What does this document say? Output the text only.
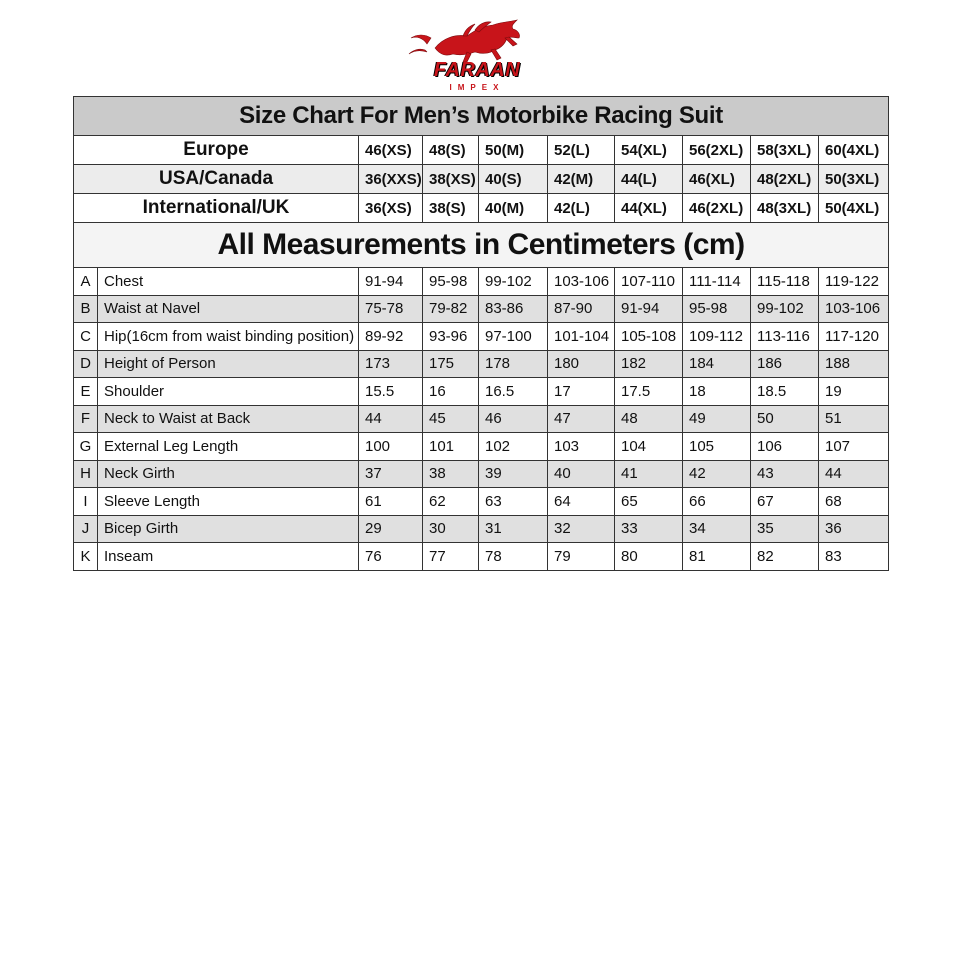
FARAAN
IMPEX
Size Chart For Men’s Motorbike Racing Suit									
Europe		46(XS)	48(S)	50(M)	52(L)	54(XL)	56(2XL)	58(3XL)	60(4XL)
USA/Canada		36(XXS)	38(XS)	40(S)	42(M)	44(L)	46(XL)	48(2XL)	50(3XL)
International/UK		36(XS)	38(S)	40(M)	42(L)	44(XL)	46(2XL)	48(3XL)	50(4XL)
All Measurements in Centimeters (cm)									
A	Chest	91-94	95-98	99-102	103-106	107-110	111-114	115-118	119-122
B	Waist at Navel	75-78	79-82	83-86	87-90	91-94	95-98	99-102	103-106
C	Hip(16cm from waist binding position)	89-92	93-96	97-100	101-104	105-108	109-112	113-116	117-120
D	Height of Person	173	175	178	180	182	184	186	188
E	Shoulder	15.5	16	16.5	17	17.5	18	18.5	19
F	Neck to Waist at Back	44	45	46	47	48	49	50	51
G	External Leg Length	100	101	102	103	104	105	106	107
H	Neck Girth	37	38	39	40	41	42	43	44
I	Sleeve Length	61	62	63	64	65	66	67	68
J	Bicep Girth	29	30	31	32	33	34	35	36
K	Inseam	76	77	78	79	80	81	82	83
